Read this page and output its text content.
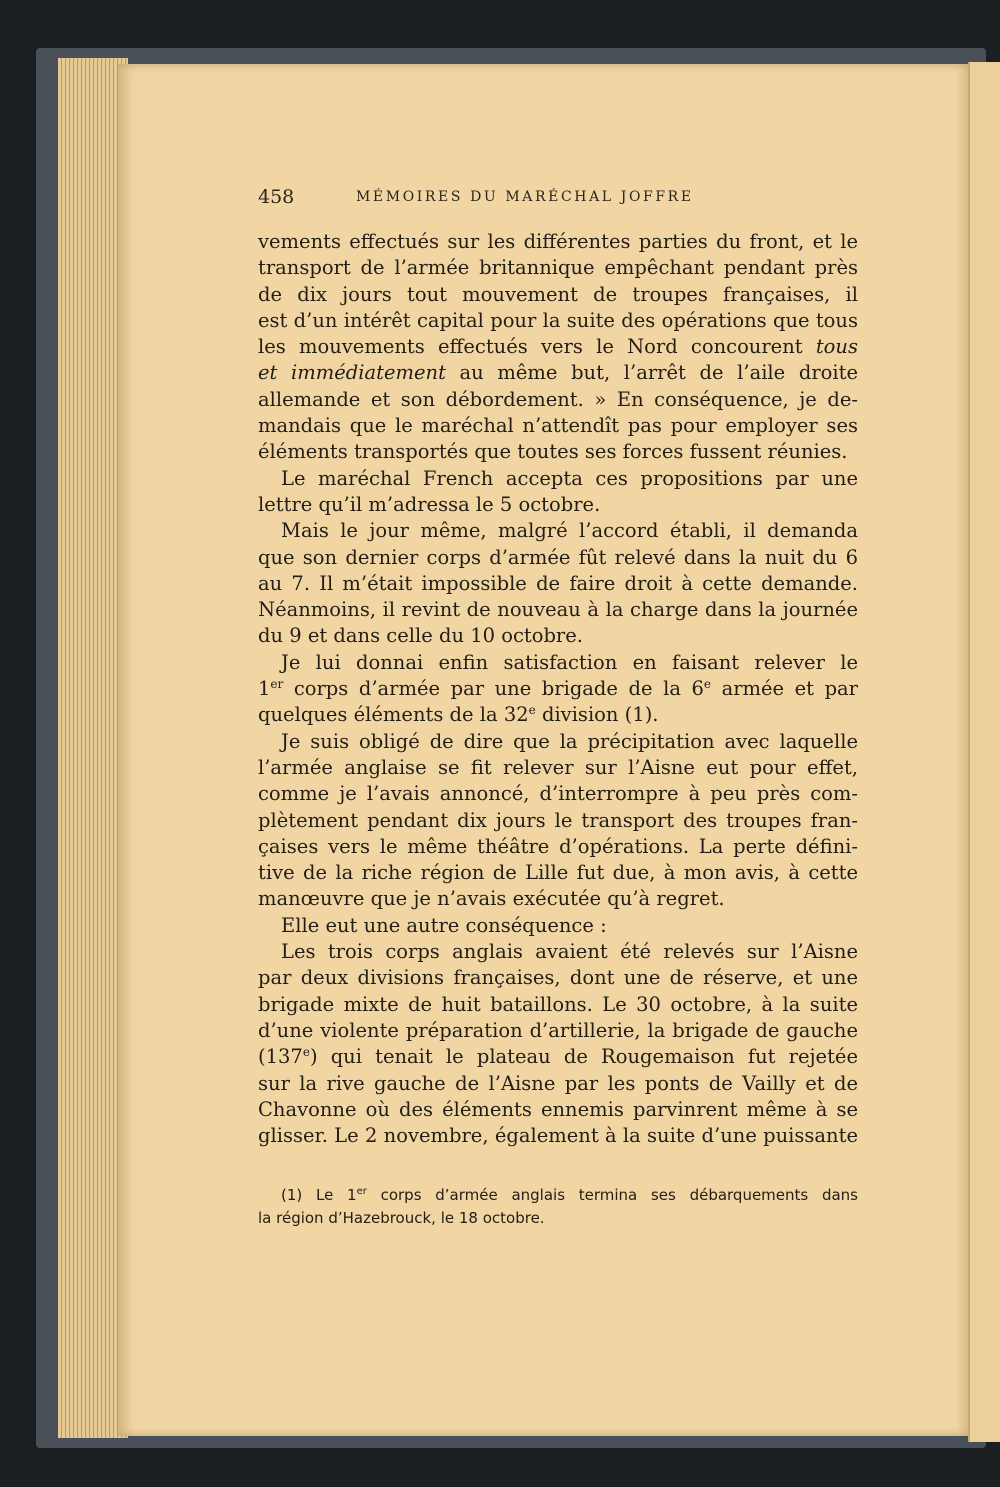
458	MÉMOIRES DU MARÉCHAL JOFFRE
vements effectués sur les différentes parties du front, et le
transport de l’armée britannique empêchant pendant près
de dix jours tout mouvement de troupes françaises, il
est d’un intérêt capital pour la suite des opérations que tous
les mouvements effectués vers le Nord concourent tous
et immédiatement au même but, l’arrêt de l’aile droite
allemande et son débordement. » En conséquence, je de-
mandais que le maréchal n’attendît pas pour employer ses
éléments transportés que toutes ses forces fussent réunies.
Le maréchal French accepta ces propositions par une
lettre qu’il m’adressa le 5 octobre.
Mais le jour même, malgré l’accord établi, il demanda
que son dernier corps d’armée fût relevé dans la nuit du 6
au 7. Il m’était impossible de faire droit à cette demande.
Néanmoins, il revint de nouveau à la charge dans la journée
du 9 et dans celle du 10 octobre.
Je lui donnai enfin satisfaction en faisant relever le
1er corps d’armée par une brigade de la 6e armée et par
quelques éléments de la 32e division (1).
Je suis obligé de dire que la précipitation avec laquelle
l’armée anglaise se fit relever sur l’Aisne eut pour effet,
comme je l’avais annoncé, d’interrompre à peu près com-
plètement pendant dix jours le transport des troupes fran-
çaises vers le même théâtre d’opérations. La perte défini-
tive de la riche région de Lille fut due, à mon avis, à cette
manœuvre que je n’avais exécutée qu’à regret.
Elle eut une autre conséquence :
Les trois corps anglais avaient été relevés sur l’Aisne
par deux divisions françaises, dont une de réserve, et une
brigade mixte de huit bataillons. Le 30 octobre, à la suite
d’une violente préparation d’artillerie, la brigade de gauche
(137e) qui tenait le plateau de Rougemaison fut rejetée
sur la rive gauche de l’Aisne par les ponts de Vailly et de
Chavonne où des éléments ennemis parvinrent même à se
glisser. Le 2 novembre, également à la suite d’une puissante
(1) Le 1er corps d’armée anglais termina ses débarquements dans
la région d’Hazebrouck, le 18 octobre.
